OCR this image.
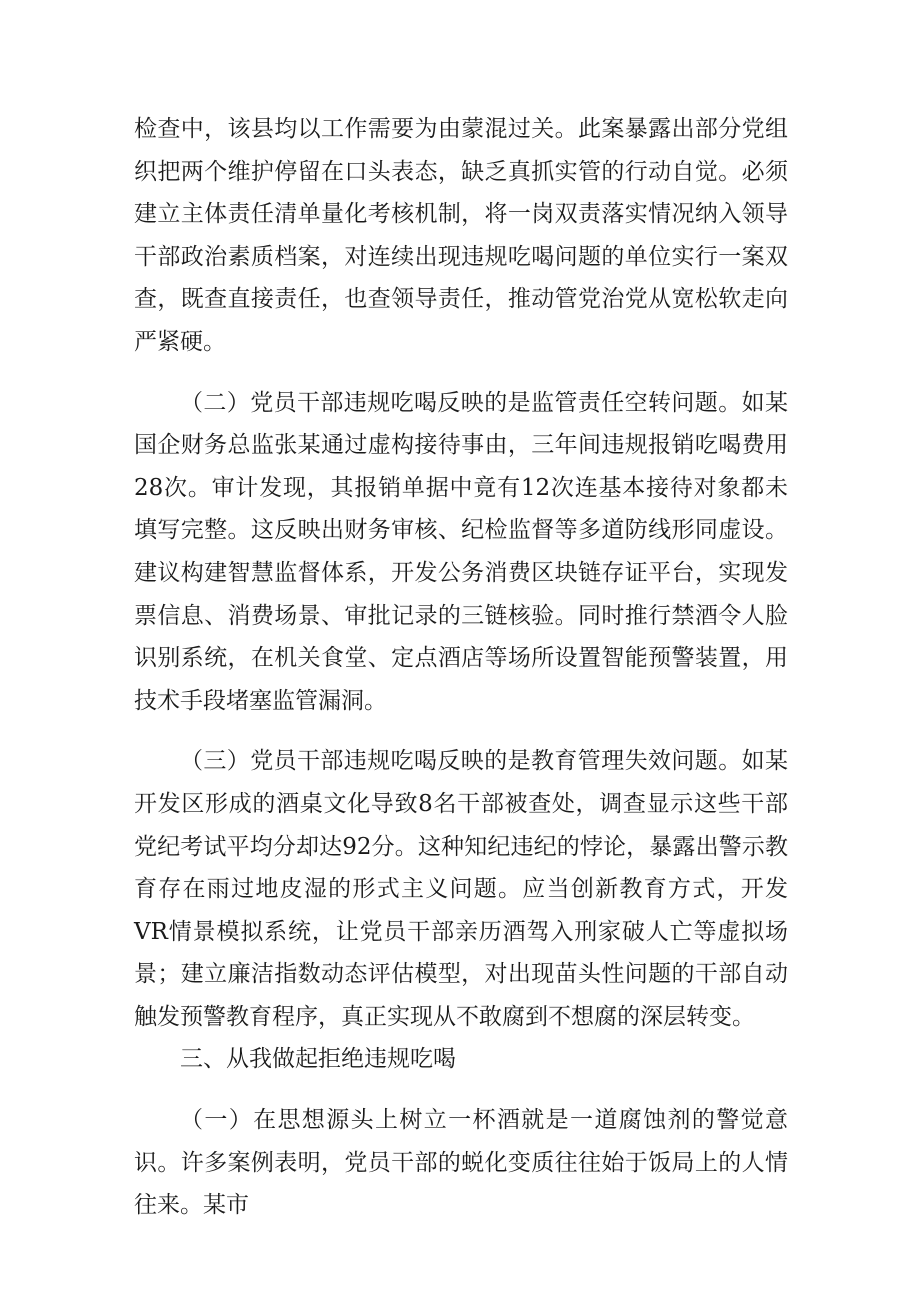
检查中，该县均以工作需要为由蒙混过关。此案暴露出部分党组织把两个维护停留在口头表态，缺乏真抓实管的行动自觉。必须建立主体责任清单量化考核机制，将一岗双责落实情况纳入领导干部政治素质档案，对连续出现违规吃喝问题的单位实行一案双查，既查直接责任，也查领导责任，推动管党治党从宽松软走向严紧硬。

（二）党员干部违规吃喝反映的是监管责任空转问题。如某国企财务总监张某通过虚构接待事由，三年间违规报销吃喝费用28次。审计发现，其报销单据中竟有12次连基本接待对象都未填写完整。这反映出财务审核、纪检监督等多道防线形同虚设。建议构建智慧监督体系，开发公务消费区块链存证平台，实现发票信息、消费场景、审批记录的三链核验。同时推行禁酒令人脸识别系统，在机关食堂、定点酒店等场所设置智能预警装置，用技术手段堵塞监管漏洞。

（三）党员干部违规吃喝反映的是教育管理失效问题。如某开发区形成的酒桌文化导致8名干部被查处，调查显示这些干部党纪考试平均分却达92分。这种知纪违纪的悖论，暴露出警示教育存在雨过地皮湿的形式主义问题。应当创新教育方式，开发VR情景模拟系统，让党员干部亲历酒驾入刑家破人亡等虚拟场景；建立廉洁指数动态评估模型，对出现苗头性问题的干部自动触发预警教育程序，真正实现从不敢腐到不想腐的深层转变。

三、从我做起拒绝违规吃喝

（一）在思想源头上树立一杯酒就是一道腐蚀剂的警觉意识。许多案例表明，党员干部的蜕化变质往往始于饭局上的人情往来。某市
